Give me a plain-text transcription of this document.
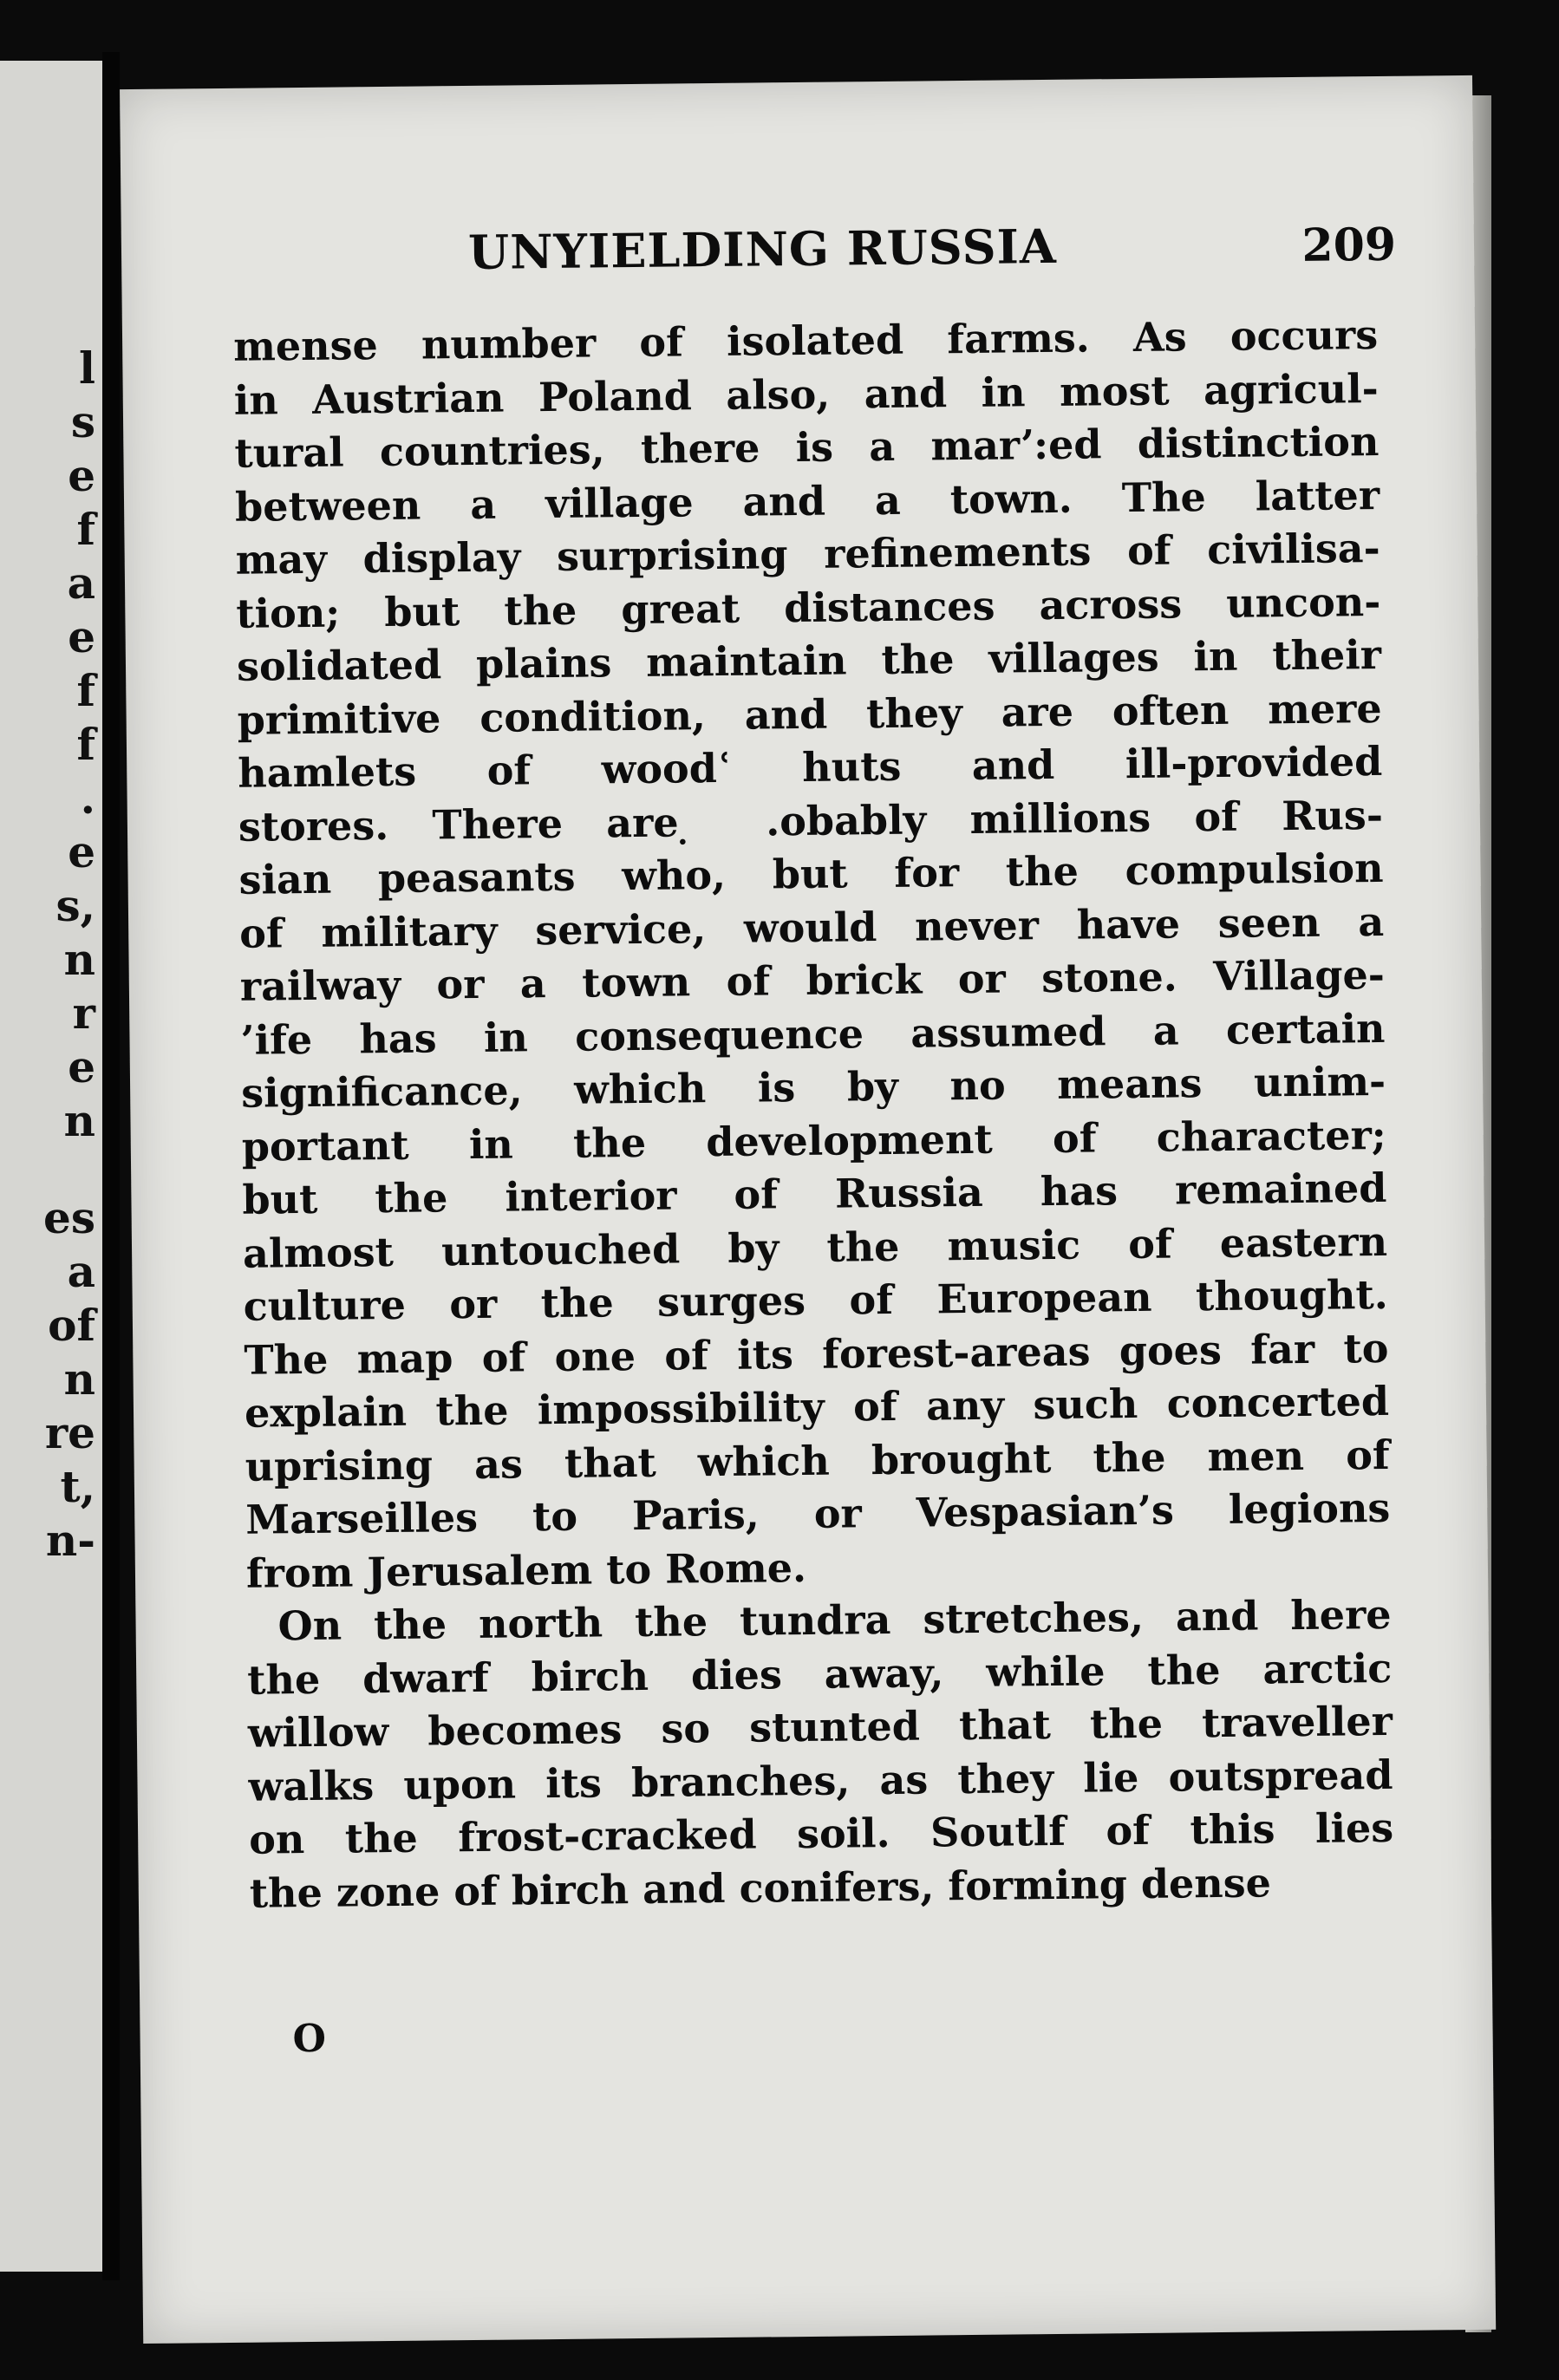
l
s
e
f
a
e
f
f
.
e
s,
n
r
e
n
es
a
of
n
re
t,
n-
UNYIELDING RUSSIA	209
mense number of isolated farms. As occurs
in Austrian Poland also, and in most agricul-
tural countries, there is a marʼ:ed distinction
between a village and a town. The latter
may display surprising refinements of civilisa-
tion; but the great distances across uncon-
solidated plains maintain the villages in their
primitive condition, and they are often mere
hamlets of woodʿ huts and ill-provided
stores. There are ̣ .obably millions of Rus-
sian peasants who, but for the compulsion
of military service, would never have seen a
railway or a town of brick or stone. Village-
’ife has in consequence assumed a certain
significance, which is by no means unim-
portant in the development of character;
but the interior of Russia has remained
almost untouched by the music of eastern
culture or the surges of European thought.
The map of one of its forest-areas goes far to
explain the impossibility of any such concerted
uprising as that which brought the men of
Marseilles to Paris, or Vespasian’s legions
from Jerusalem to Rome.
On the north the tundra stretches, and here
the dwarf birch dies away, while the arctic
willow becomes so stunted that the traveller
walks upon its branches, as they lie outspread
on the frost-cracked soil. Soutlf of this lies
the zone of birch and conifers, forming dense
O
